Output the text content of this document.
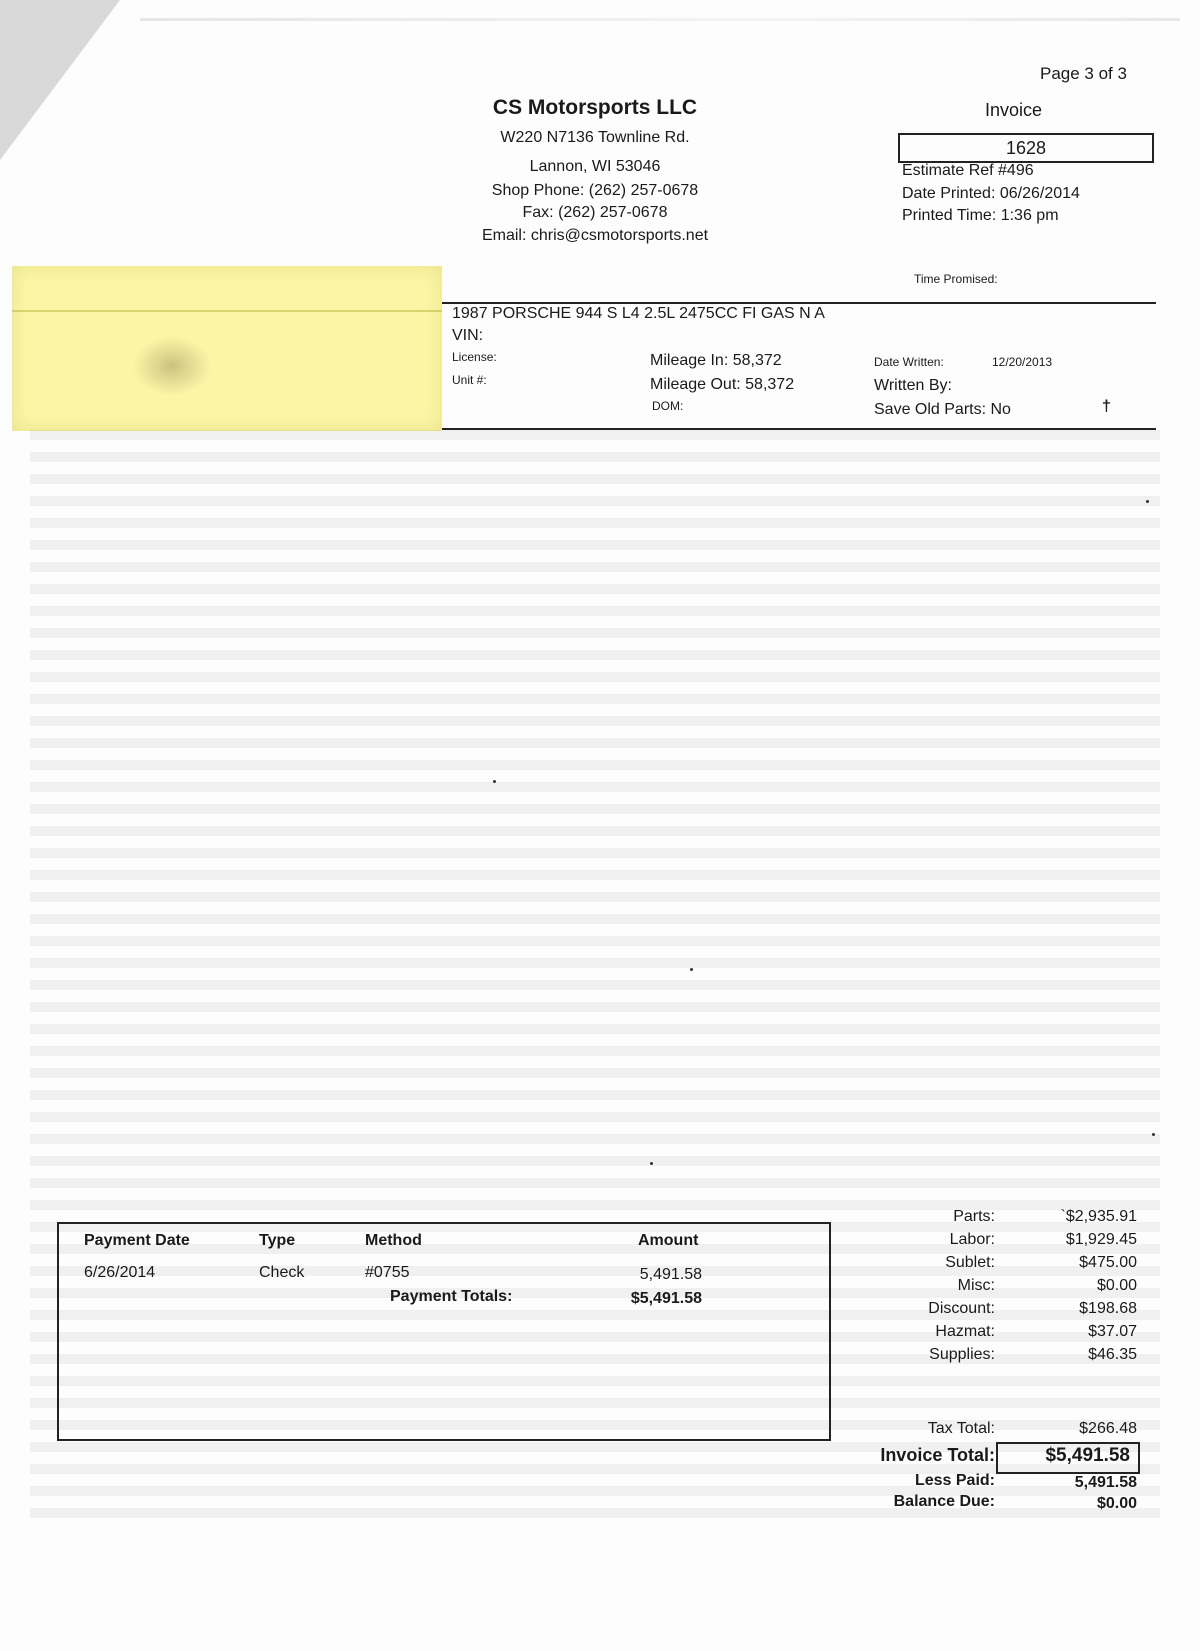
Page 3 of 3
CS Motorsports LLC
W220 N7136 Townline Rd.
Lannon, WI 53046
Shop Phone: (262) 257-0678
Fax: (262) 257-0678
Email: chris@csmotorsports.net
Invoice
1628
Estimate Ref #496
Date Printed: 06/26/2014
Printed Time: 1:36 pm
Time Promised:
1987 PORSCHE 944 S L4 2.5L 2475CC FI GAS N A
VIN:
License:
Unit #:
Mileage In: 58,372
Mileage Out: 58,372
DOM:
Date Written:	12/20/2013
Written By:
Save Old Parts: No	†
Payment Date	Type	Method	Amount
6/26/2014	Check	#0755	5,491.58
Payment Totals:	$5,491.58
Parts:	`$2,935.91
Labor:	$1,929.45
Sublet:	$475.00
Misc:	$0.00
Discount:	$198.68
Hazmat:	$37.07
Supplies:	$46.35
Tax Total:	$266.48
Invoice Total:	$5,491.58
Less Paid:	5,491.58
Balance Due:	$0.00
